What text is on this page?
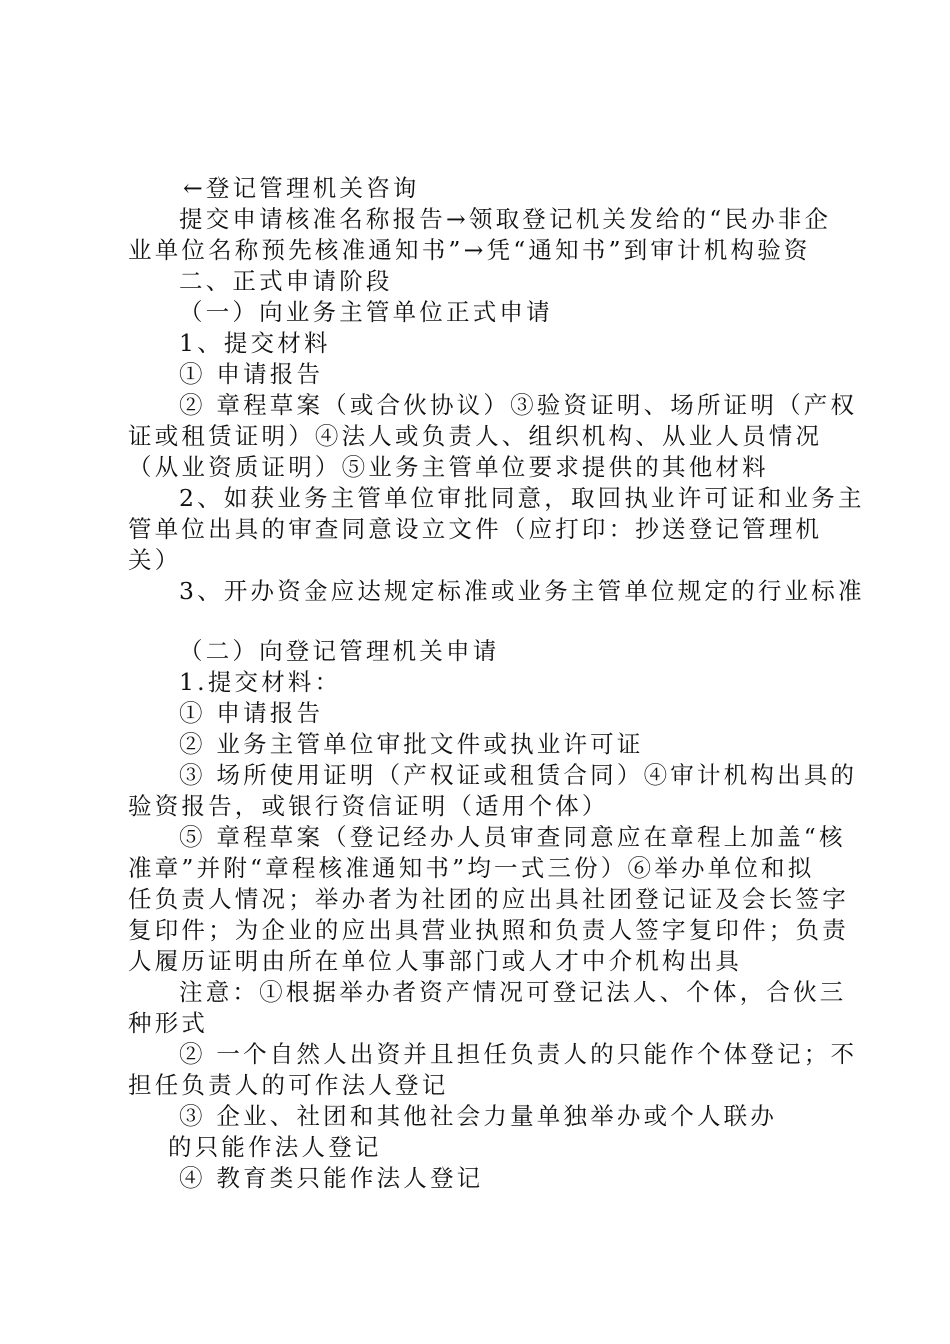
←登记管理机关咨询

提交申请核准名称报告→领取登记机关发给的“民办非企

业单位名称预先核准通知书”→凭“通知书”到审计机构验资

二、正式申请阶段

（一）向业务主管单位正式申请

1、提交材料

① 申请报告

② 章程草案（或合伙协议）③验资证明、场所证明（产权

证或租赁证明）④法人或负责人、组织机构、从业人员情况

（从业资质证明）⑤业务主管单位要求提供的其他材料

2、如获业务主管单位审批同意，取回执业许可证和业务主

管单位出具的审查同意设立文件（应打印：抄送登记管理机

关）

3、开办资金应达规定标准或业务主管单位规定的行业标准

（二）向登记管理机关申请

1.提交材料：

① 申请报告

② 业务主管单位审批文件或执业许可证

③ 场所使用证明（产权证或租赁合同）④审计机构出具的

验资报告，或银行资信证明（适用个体）

⑤ 章程草案（登记经办人员审查同意应在章程上加盖“核

准章”并附“章程核准通知书”均一式三份）⑥举办单位和拟

任负责人情况；举办者为社团的应出具社团登记证及会长签字

复印件；为企业的应出具营业执照和负责人签字复印件；负责

人履历证明由所在单位人事部门或人才中介机构出具

注意：①根据举办者资产情况可登记法人、个体，合伙三

种形式

② 一个自然人出资并且担任负责人的只能作个体登记；不

担任负责人的可作法人登记

③ 企业、社团和其他社会力量单独举办或个人联办

的只能作法人登记

④ 教育类只能作法人登记
